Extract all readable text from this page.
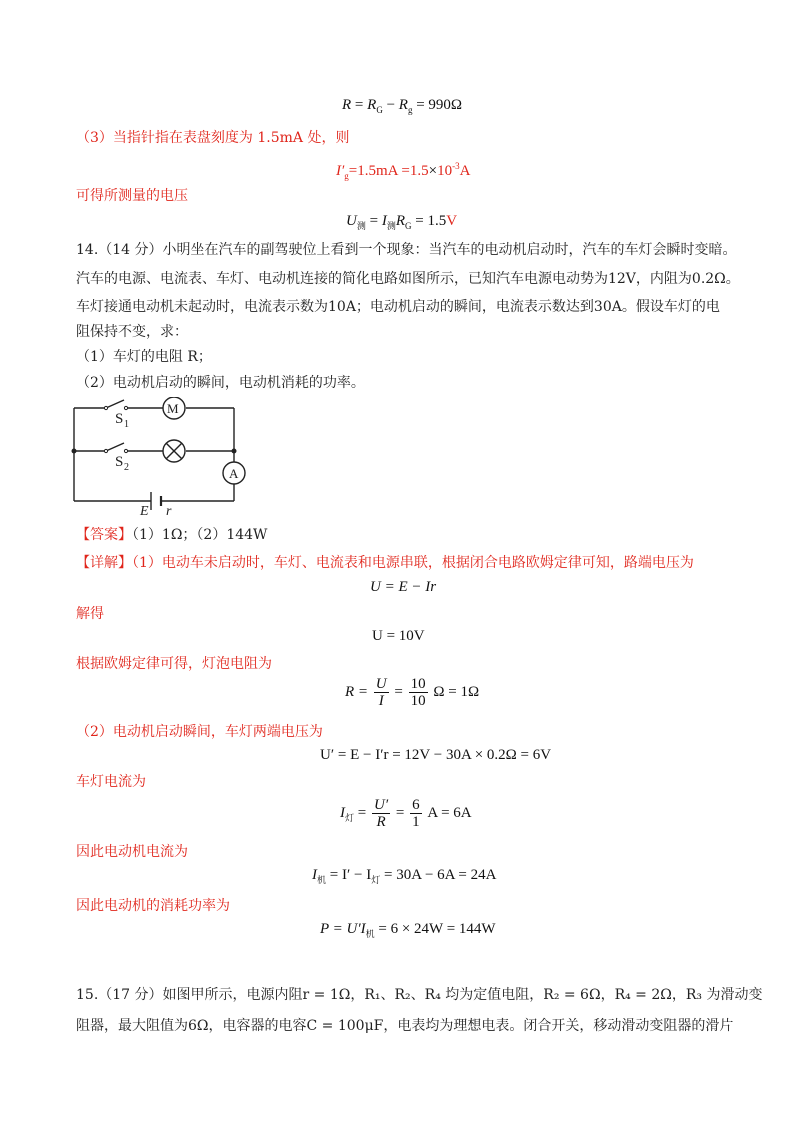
$R = R_G - R_g = 990\Omega$
（3）当指针指在表盘刻度为 1.5mA 处，则
$I'_g=1.5mA =1.5\times 10^{-3}A$
可得所测量的电压
$U_测 = I_测R_G = 1.5V$
14.（14 分）小明坐在汽车的副驾驶位上看到一个现象：当汽车的电动机启动时，汽车的车灯会瞬时变暗。
汽车的电源、电流表、车灯、电动机连接的简化电路如图所示，已知汽车电源电动势为12V，内阻为0.2Ω。
车灯接通电动机未起动时，电流表示数为10A；电动机启动的瞬间，电流表示数达到30A。假设车灯的电
阻保持不变，求：
（1）车灯的电阻 R；
（2）电动机启动的瞬间，电动机消耗的功率。
S 1
S 2
M
A
E r
【答案】（1）1Ω；（2）144W
【详解】（1）电动车未启动时，车灯、电流表和电源串联，根据闭合电路欧姆定律可知，路端电压为
U = E − Ir
解得
U = 10V
根据欧姆定律可得，灯泡电阻为
$R = \frac{U}{I} = \frac{10}{10}$ Ω = 1Ω
（2）电动机启动瞬间，车灯两端电压为
U′ = E − I′r = 12V − 30A × 0.2Ω = 6V
车灯电流为
$I_灯 = \frac{U'}{R} = \frac{6}{1}$ A = 6A
因此电动机电流为
$I_机 = I' - I_灯 = 30A - 6A = 24A$
因此电动机的消耗功率为
$P = U'I_机 = 6 \times 24W = 144W$
15.（17 分）如图甲所示，电源内阻r = 1Ω，R₁、R₂、R₄ 均为定值电阻，R₂ = 6Ω，R₄ = 2Ω，R₃ 为滑动变
阻器，最大阻值为6Ω，电容器的电容C = 100μF，电表均为理想电表。闭合开关，移动滑动变阻器的滑片
